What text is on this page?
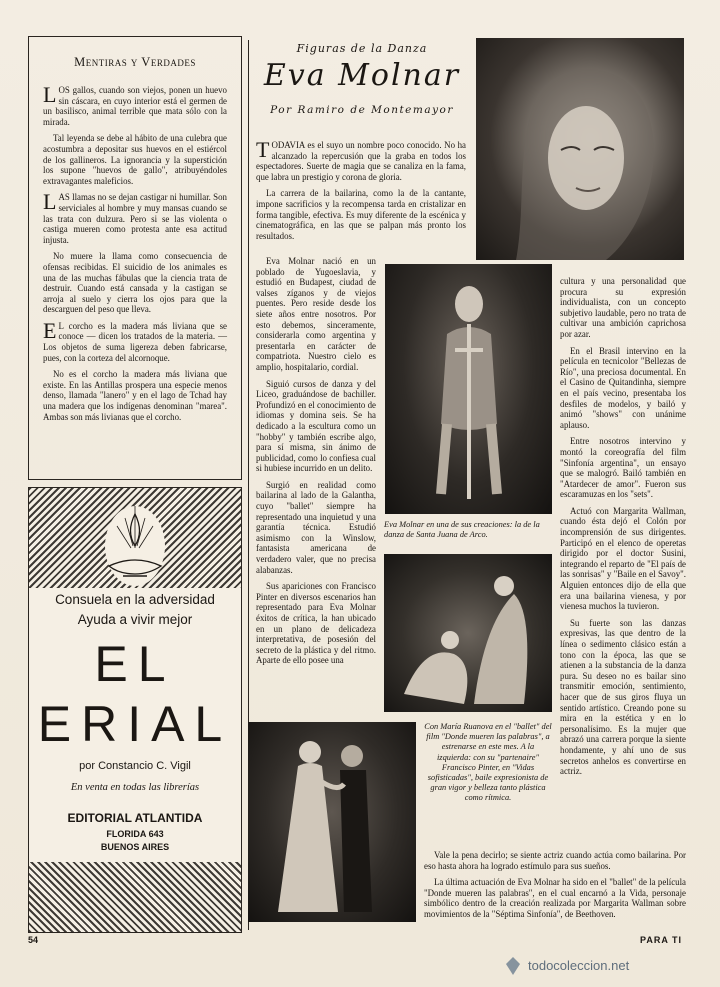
Mentiras y Verdades

LOS gallos, cuando son viejos, ponen un huevo sin cáscara, en cuyo interior está el germen de un basilisco, animal terrible que mata sólo con la mirada.

Tal leyenda se debe al hábito de una culebra que acostumbra a depositar sus huevos en el estiércol de los gallineros. La ignorancia y la superstición los supone "huevos de gallo", atribuyéndoles extravagantes maleficios.

LAS llamas no se dejan castigar ni humillar. Son serviciales al hombre y muy mansas cuando se las trata con dulzura. Pero si se las violenta o castiga mueren como protesta ante esa actitud injusta.

No muere la llama como consecuencia de ofensas recibidas. El suicidio de los animales es una de las muchas fábulas que la ciencia trata de destruir. Cuando está cansada y la castigan se arroja al suelo y cierra los ojos para que la descarguen del peso que lleva.

E L corcho es la madera más liviana que se conoce — dicen los tratados de la materia. — Los objetos de suma ligereza deben fabricarse, pues, con la corteza del alcornoque.

No es el corcho la madera más liviana que existe. En las Antillas prospera una especie menos denso, llamada "lanero" y en el lago de Tchad hay una madera que los indígenas denominan "marea". Ambas son más livianas que el corcho.

Consuela en la adversidad
Ayuda a vivir mejor
EL
ERIAL
por Constancio C. Vigil
En venta en todas las librerías
EDITORIAL ATLANTIDA
FLORIDA 643
BUENOS AIRES
Figuras de la Danza
Eva Molnar
Por Ramiro de Montemayor

TODAVIA es el suyo un nombre poco conocido. No ha alcanzado la repercusión que la graba en todos los espectadores. Suerte de magia que se canaliza en la fama, que labra un prestigio y corona de gloria.

La carrera de la bailarina, como la de la cantante, impone sacrificios y la recompensa tarda en cristalizar en forma tangible, efectiva. Es muy diferente de la escénica y cinematográfica, en las que se palpan más pronto los resultados.

Eva Molnar nació en un poblado de Yugoeslavia, y estudió en Budapest, ciudad de valses zíganos y de viejos puentes. Pero reside desde los siete años entre nosotros. Por esto debemos, sinceramente, considerarla como argentina y presentarla en carácter de compatriota. Nuestro cielo es amplio, hospitalario, cordial.

Siguió cursos de danza y del Liceo, graduándose de bachiller. Profundizó en el conocimiento de idiomas y domina seis. Se ha dedicado a la escultura como un "hobby" y también escribe algo, para sí misma, sin ánimo de publicidad, como lo confiesa cual si hubiese incurrido en un delito.

Surgió en realidad como bailarina al lado de la Galantha, cuyo "ballet" siempre ha representado una inquietud y una garantía técnica. Estudió asimismo con la Winslow, fantasista americana de verdadero valer, que no precisa alabanzas.

Sus apariciones con Francisco Pinter en diversos escenarios han representado para Eva Molnar éxitos de crítica, la han ubicado en un plano de delicadeza interpretativa, de posesión del secreto de la plástica y del ritmo. Aparte de ello posee una

Eva Molnar en una de sus creaciones: la de la danza de Santa Juana de Arco.

cultura y una personalidad que procura su expresión individualista, con un concepto subjetivo laudable, pero no trata de cultivar una ambición caprichosa por azar.

En el Brasil intervino en la película en tecnicolor "Bellezas de Río", una preciosa documental. En el Casino de Quitandinha, siempre en el país vecino, presentaba los desfiles de modelos, y bailó y animó "shows" con unánime aplauso.

Entre nosotros intervino y montó la coreografía del film "Sinfonía argentina", un ensayo que se malogró. Bailó también en "Atardecer de amor". Fueron sus escaramuzas en los "sets".

Actuó con Margarita Wallman, cuando ésta dejó el Colón por incomprensión de sus dirigentes. Participó en el elenco de operetas dirigido por el doctor Susini, integrando el reparto de "El país de las sonrisas" y "Baile en el Savoy". Alguien entonces dijo de ella que era una bailarina vienesa, y por vienesa muchos la tuvieron.

Su fuerte son las danzas expresivas, las que dentro de la línea o sedimento clásico están a tono con la época, las que se atienen a la substancia de la danza pura. Su deseo no es bailar sino transmitir emoción, sentimiento, hacer que de sus giros fluya un sentido artístico. Creando pone su mira en la estética y en lo personalísimo. Es la mujer que abrazó una carrera porque la siente hondamente, y ahí uno de sus secretos anhelos es convertirse en actriz.

Con María Ruanova en el "ballet" del film "Donde mueren las palabras", a estrenarse en este mes. A la izquierda: con su "partenaire" Francisco Pinter, en "Vidas sofisticadas", baile expresionista de gran vigor y belleza tanto plástica como rítmica.

Vale la pena decirlo; se siente actriz cuando actúa como bailarina. Por eso hasta ahora ha logrado estímulo para sus sueños.

La última actuación de Eva Molnar ha sido en el "ballet" de la película "Donde mueren las palabras", en el cual encarnó a la Vida, personaje simbólico dentro de la creación realizada por Margarita Wallman sobre movimientos de la "Séptima Sinfonía", de Beethoven.

54	PARA TI
todocoleccion.net
